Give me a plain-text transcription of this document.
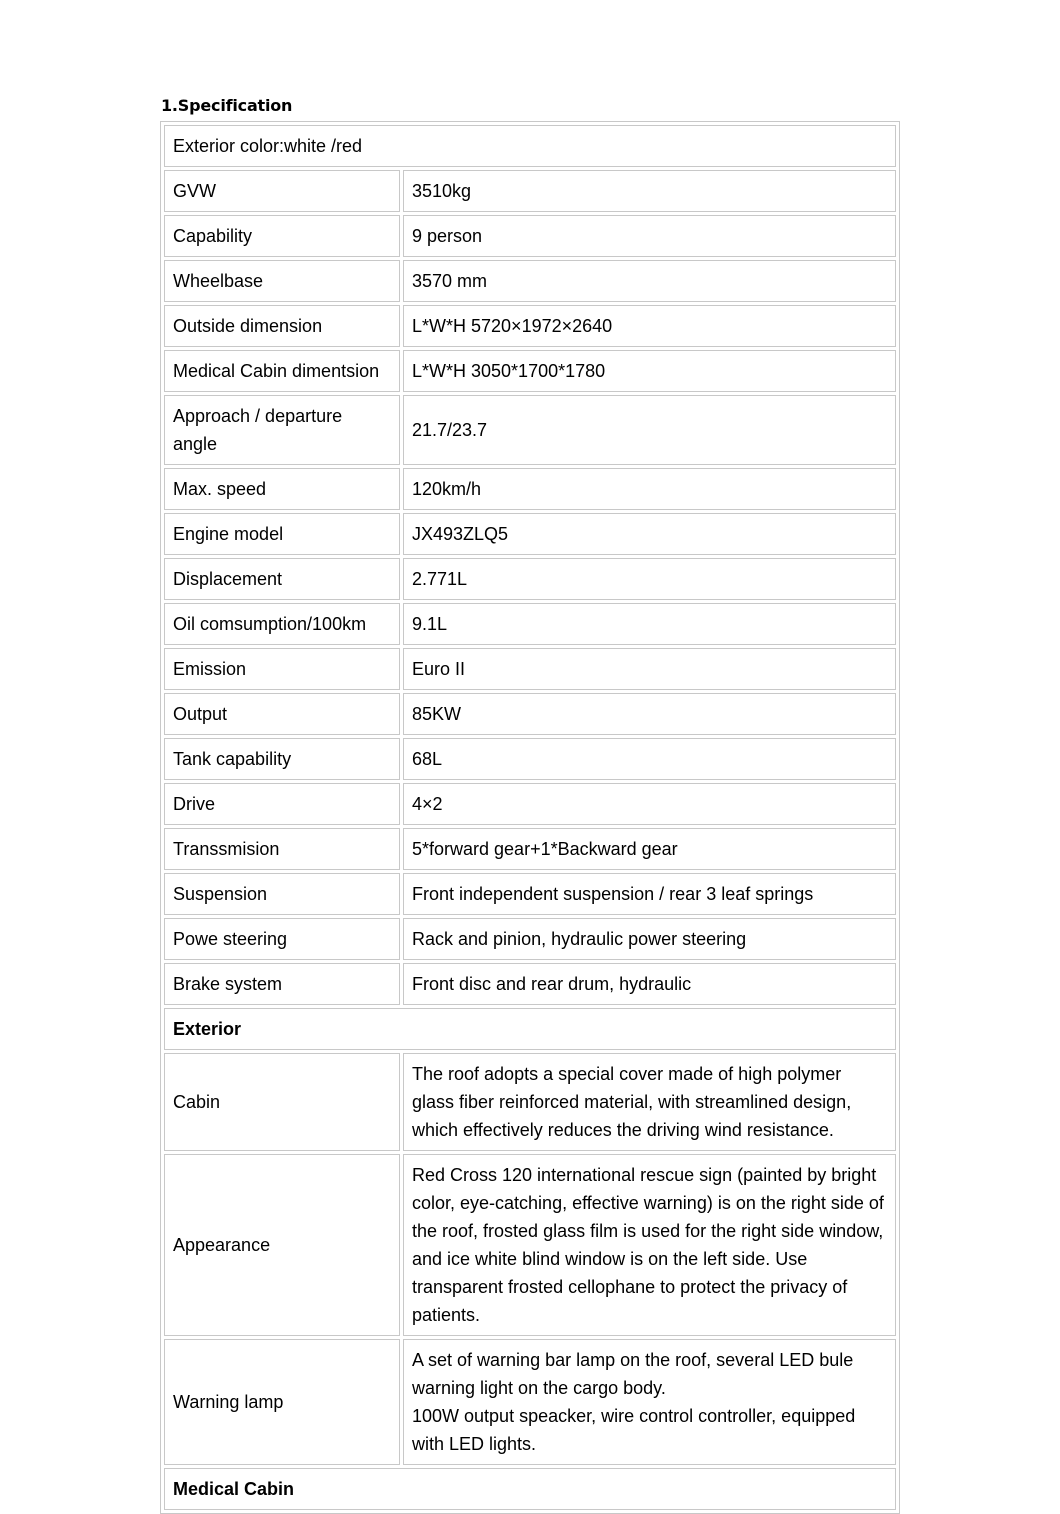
1.Specification
Exterior color:white /red	
GVW	3510kg
Capability	9 person
Wheelbase	3570 mm
Outside dimension	L*W*H 5720×1972×2640
Medical Cabin dimentsion	L*W*H 3050*1700*1780
Approach / departure angle	21.7/23.7
Max. speed	120km/h
Engine model	JX493ZLQ5
Displacement	2.771L
Oil comsumption/100km	9.1L
Emission	Euro II
Output	85KW
Tank capability	68L
Drive	4×2
Transsmision	5*forward gear+1*Backward gear
Suspension	Front independent suspension / rear 3 leaf springs
Powe steering	Rack and pinion, hydraulic power steering
Brake system	Front disc and rear drum, hydraulic
Exterior	
Cabin	The roof adopts a special cover made of high polymer glass fiber reinforced material, with streamlined design, which effectively reduces the driving wind resistance.
Appearance	Red Cross 120 international rescue sign (painted by bright color, eye-catching, effective warning) is on the right side of the roof, frosted glass film is used for the right side window, and ice white blind window is on the left side. Use transparent frosted cellophane to protect the privacy of patients.
Warning lamp	A set of warning bar lamp on the roof, several LED bule warning light on the cargo body.
100W output speacker, wire control controller, equipped with LED lights.

Medical Cabin	
